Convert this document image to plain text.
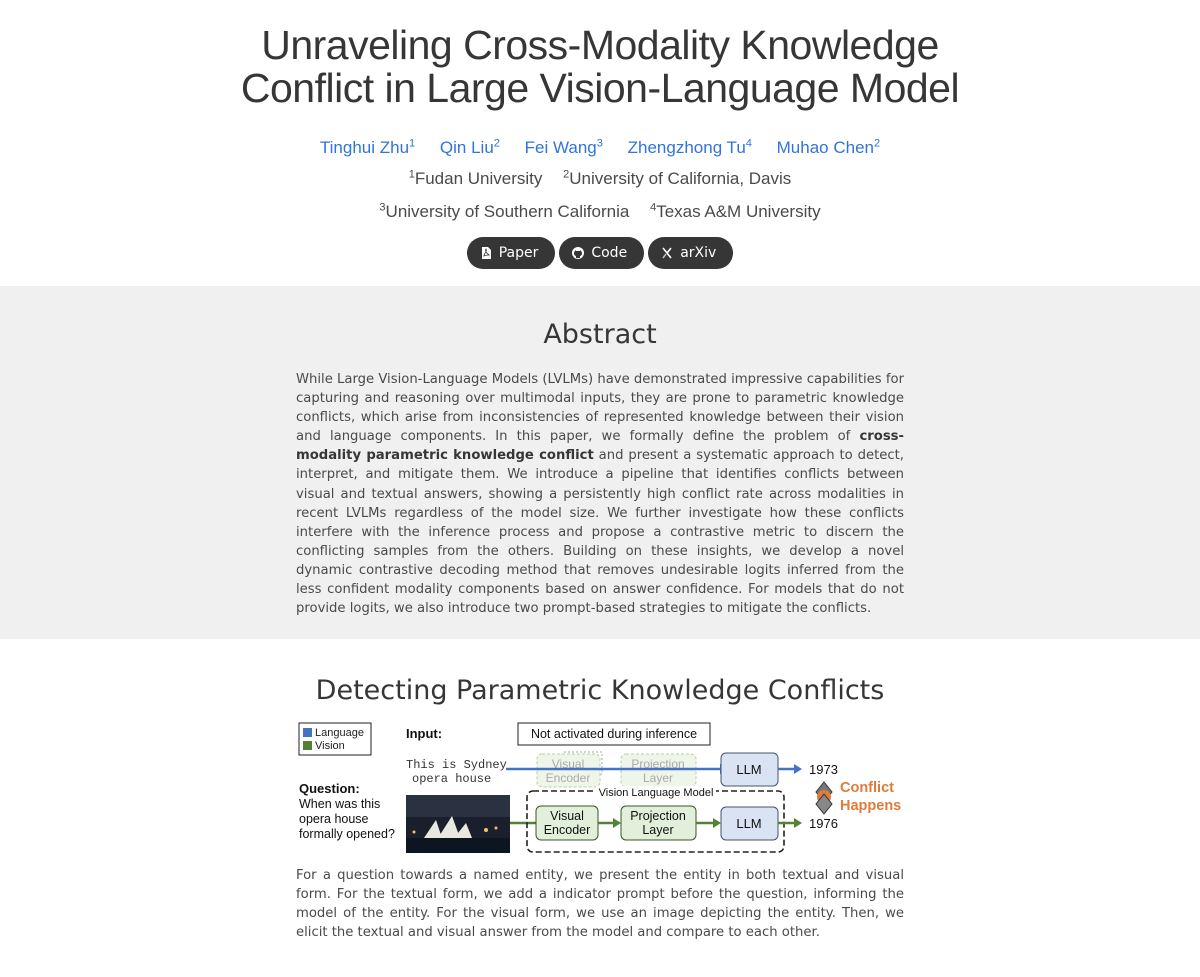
Unraveling Cross-Modality Knowledge
Conflict in Large Vision-Language Model
Tinghui Zhu$^1$ Qin Liu$^2$ Fei Wang$^3$ Zhengzhong Tu$^4$ Muhao Chen$^2$
$^1$Fudan University $^2$University of California, Davis
$^3$University of Southern California $^4$Texas A&M University
Paper	Code	arXiv
Abstract

While Large Vision-Language Models (LVLMs) have demonstrated impressive capabilities for capturing and reasoning over multimodal inputs, they are prone to parametric knowledge conflicts, which arise from inconsistencies of represented knowledge between their vision and language components. In this paper, we formally define the problem of cross-modality parametric knowledge conflict and present a systematic approach to detect, interpret, and mitigate them. We introduce a pipeline that identifies conflicts between visual and textual answers, showing a persistently high conflict rate across modalities in recent LVLMs regardless of the model size. We further investigate how these conflicts interfere with the inference process and propose a contrastive metric to discern the conflicting samples from the others. Building on these insights, we develop a novel dynamic contrastive decoding method that removes undesirable logits inferred from the less confident modality components based on answer confidence. For models that do not provide logits, we also introduce two prompt-based strategies to mitigate the conflicts.

Detecting Parametric Knowledge Conflicts
Language
Vision
Input:
This is Sydney
opera house
Not activated during inference
Visual
Encoder
Projection
Layer
LLM	1973
Question:
When was this
opera house
formally opened?
Vision Language Model
Visual
Encoder
Projection
Layer	LLM	1976
Conflict
Happens

For a question towards a named entity, we present the entity in both textual and visual form. For the textual form, we add a indicator prompt before the question, informing the model of the entity. For the visual form, we use an image depicting the entity. Then, we elicit the textual and visual answer from the model and compare to each other.
